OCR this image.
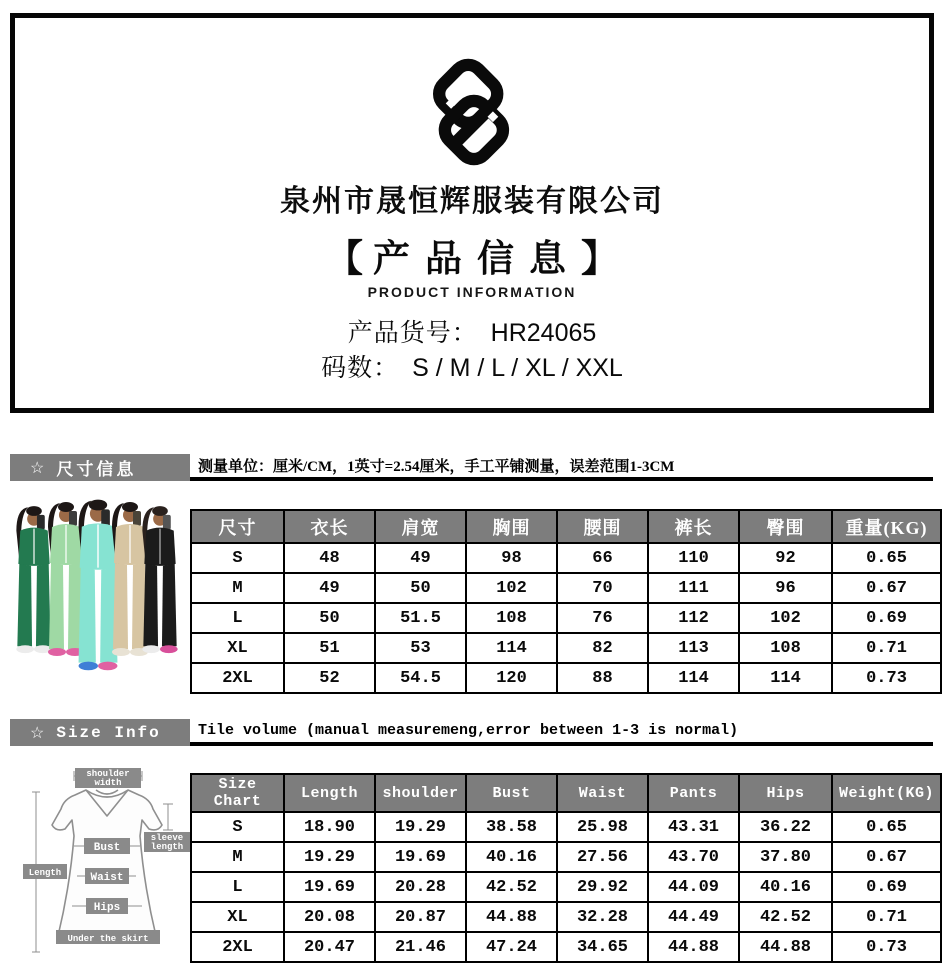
泉州市晟恒辉服装有限公司
【 产品信息 】
PRODUCT INFORMATION
产品货号： HR24065
码数： S / M / L / XL / XXL
☆ 尺寸信息	测量单位：厘米/CM，1英寸=2.54厘米，手工平铺测量，误差范围1-3CM
尺寸	衣长	肩宽	胸围	腰围	裤长	臀围	重量(KG)
S	48	49	98	66	110	92	0.65
M	49	50	102	70	111	96	0.67
L	50	51.5	108	76	112	102	0.69
XL	51	53	114	82	113	108	0.71
2XL	52	54.5	120	88	114	114	0.73
☆ Size Info Tile volume (manual measuremeng,error between 1-3 is normal)
shoulder
width
sleeve
length
Bust
Waist
Hips
Length
Under the skirt
Size Chart	Length	shoulder	Bust	Waist	Pants	Hips	Weight(KG)
S	18.90	19.29	38.58	25.98	43.31	36.22	0.65
M	19.29	19.69	40.16	27.56	43.70	37.80	0.67
L	19.69	20.28	42.52	29.92	44.09	40.16	0.69
XL	20.08	20.87	44.88	32.28	44.49	42.52	0.71
2XL	20.47	21.46	47.24	34.65	44.88	44.88	0.73
